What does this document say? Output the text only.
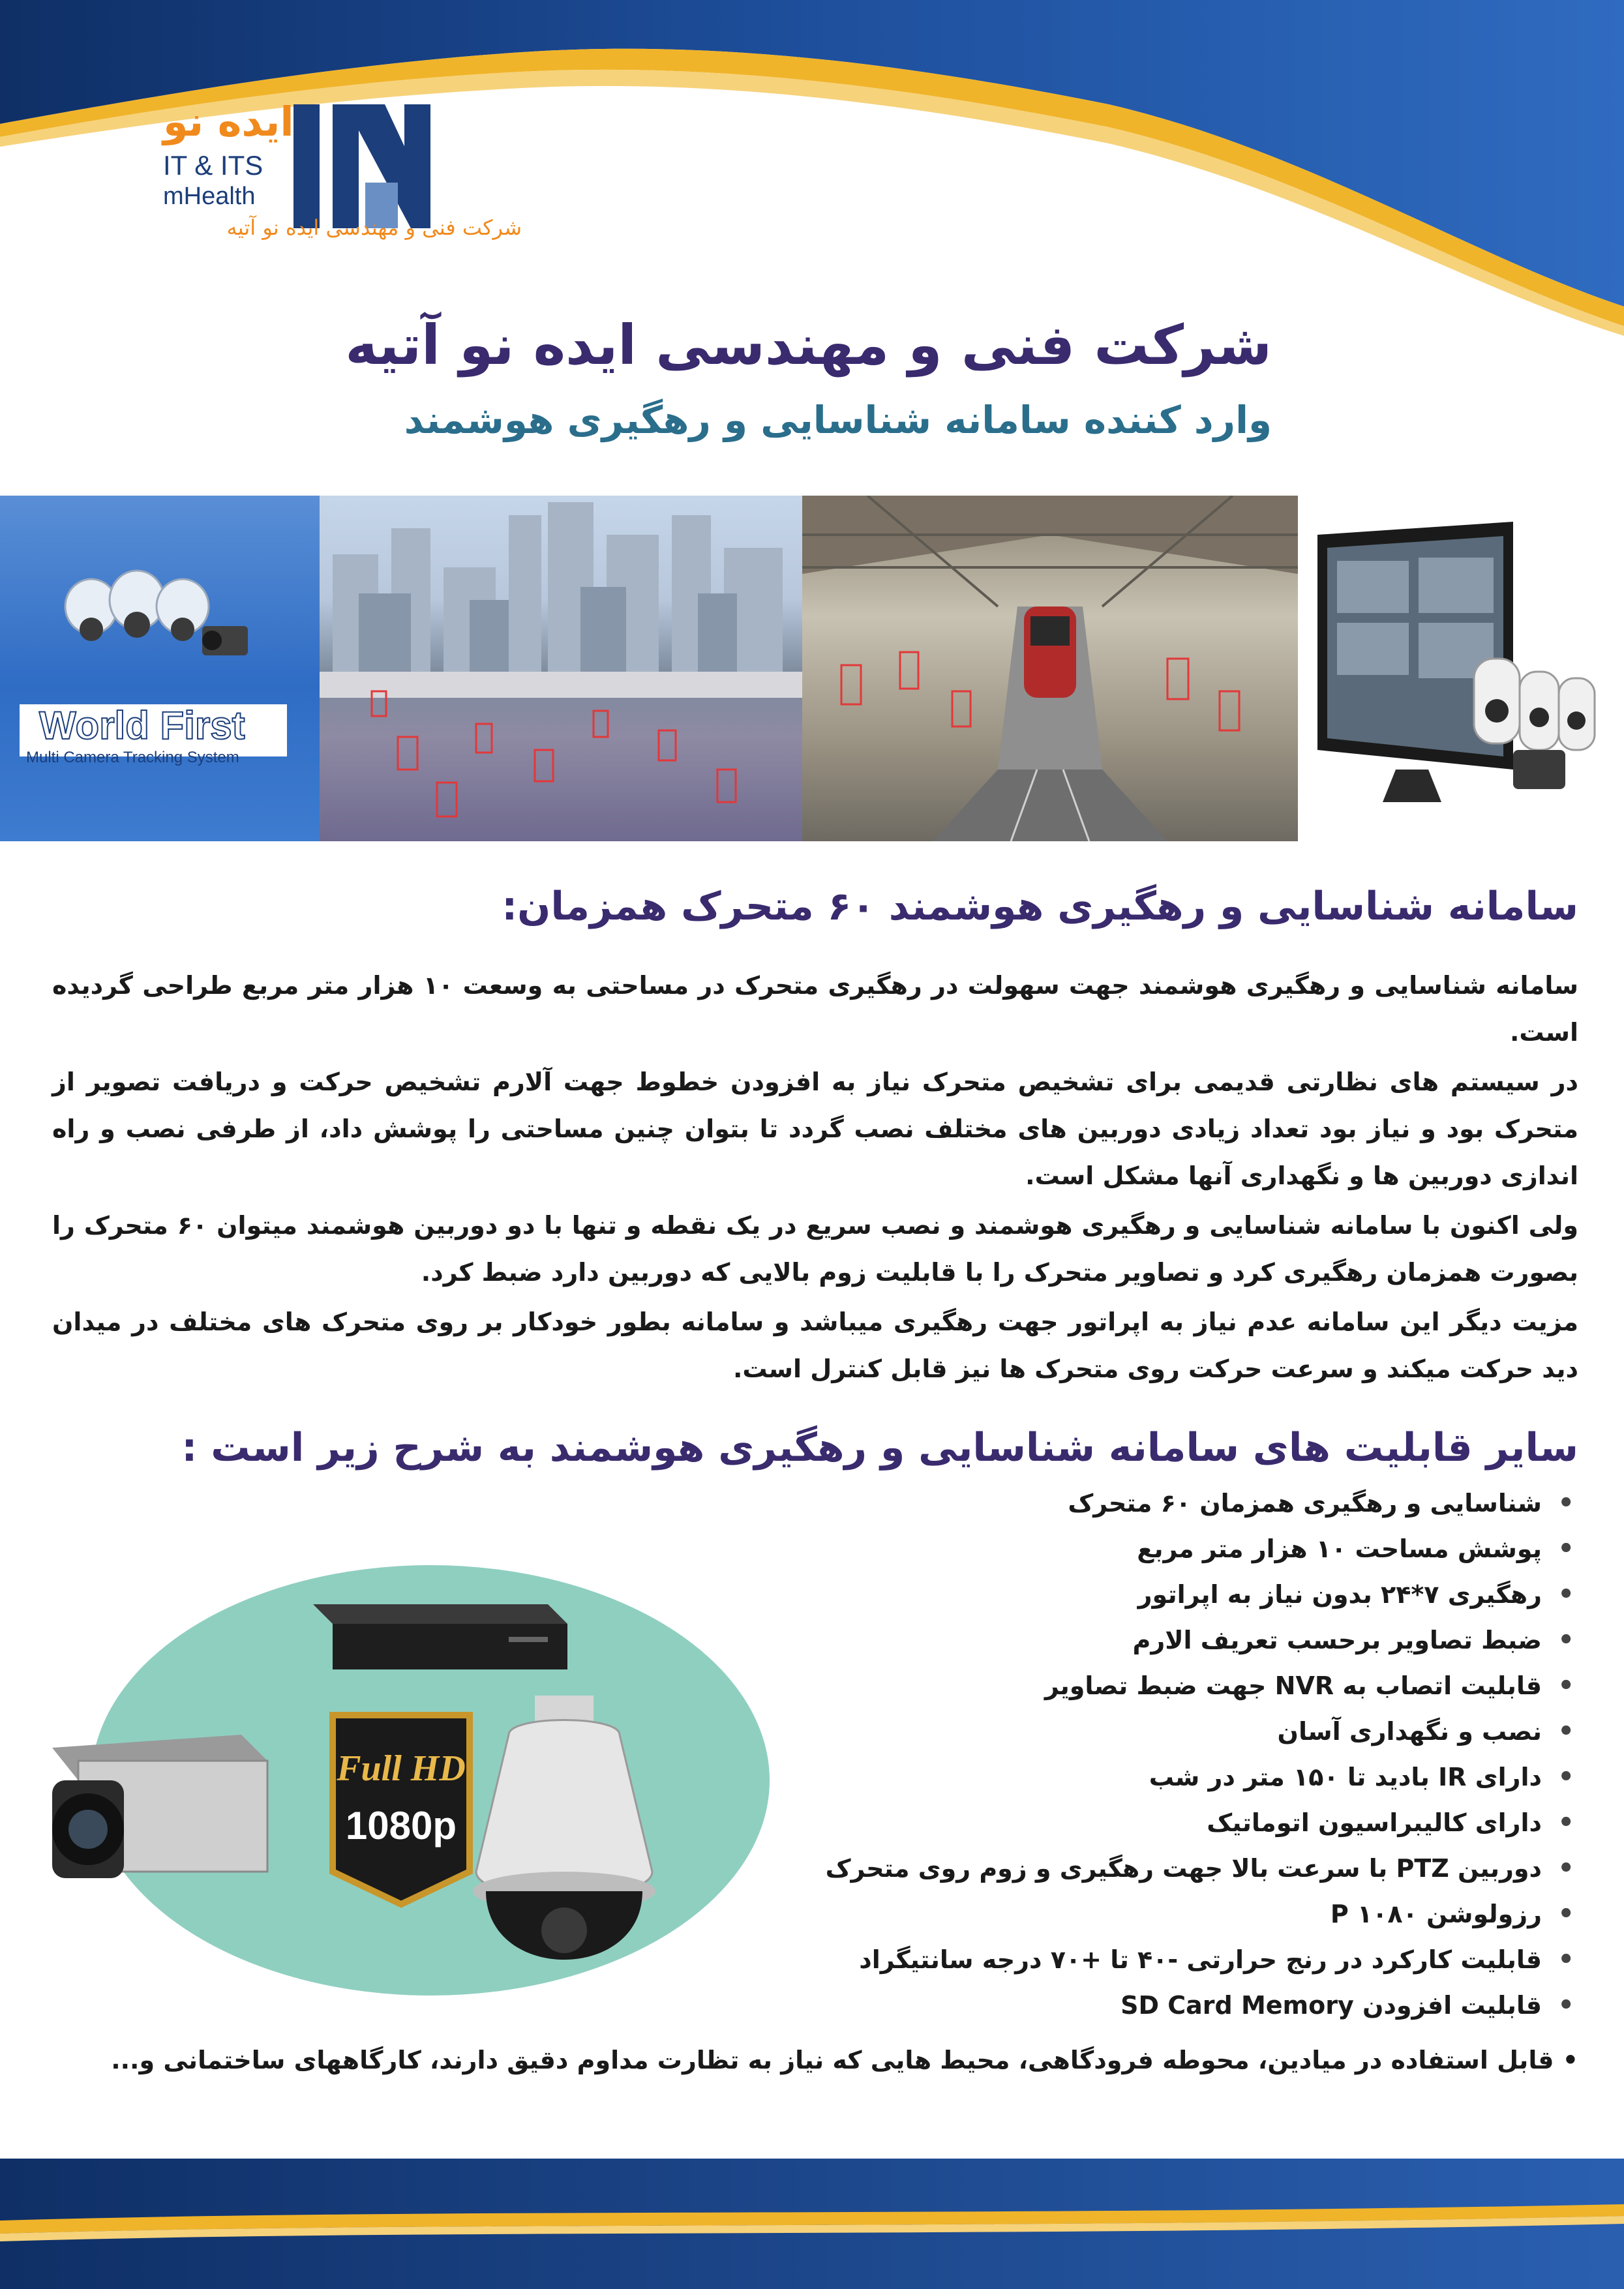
ایده نو
IT & ITS
mHealth
شرکت فنی و مهندسی ایده نو آتیه
شرکت فنی و مهندسی ایده نو آتیه
وارد کننده سامانه شناسایی و رهگیری هوشمند
World First
Multi Camera Tracking System
سامانه شناسایی و رهگیری هوشمند ۶۰ متحرک همزمان:

سامانه شناسایی و رهگیری هوشمند جهت سهولت در رهگیری متحرک در مساحتی به وسعت ۱۰ هزار متر مربع طراحی گردیده است.

در سیستم های نظارتی قدیمی برای تشخیص متحرک نیاز به افزودن خطوط جهت آلارم تشخیص حرکت و دریافت تصویر از متحرک بود و نیاز بود تعداد زیادی دوربین های مختلف نصب گردد تا بتوان چنین مساحتی را پوشش داد، از طرفی نصب و راه اندازی دوربین ها و نگهداری آنها مشکل است.

ولی اکنون با سامانه شناسایی و رهگیری هوشمند و نصب سریع در یک نقطه و تنها با دو دوربین هوشمند میتوان ۶۰ متحرک را بصورت همزمان رهگیری کرد و تصاویر متحرک را با قابلیت زوم بالایی که دوربین دارد ضبط کرد.

مزیت دیگر این سامانه عدم نیاز به اپراتور جهت رهگیری میباشد و سامانه بطور خودکار بر روی متحرک های مختلف در میدان دید حرکت میکند و سرعت حرکت روی متحرک ها نیز قابل کنترل است.

سایر قابلیت های سامانه شناسایی و رهگیری هوشمند به شرح زیر است :
• شناسایی و رهگیری همزمان ۶۰ متحرک
• پوشش مساحت ۱۰ هزار متر مربع
• رهگیری ۷*۲۴ بدون نیاز به اپراتور
• ضبط تصاویر برحسب تعریف الارم
• قابلیت اتصاب به NVR جهت ضبط تصاویر
• نصب و نگهداری آسان
• دارای IR بادید تا ۱۵۰ متر در شب
• دارای کالیبراسیون اتوماتیک
• دوربین PTZ با سرعت بالا جهت رهگیری و زوم روی متحرک
• رزولوشن ۱۰۸۰ P
• قابلیت کارکرد در رنج حرارتی -۴۰ تا +۷۰ درجه سانتیگراد
• قابلیت افزودن SD Card Memory
• قابل استفاده در میادین، محوطه فرودگاهی، محیط هایی که نیاز به تظارت مداوم دقیق دارند، کارگاههای ساختمانی و...
Full HD
1080p
